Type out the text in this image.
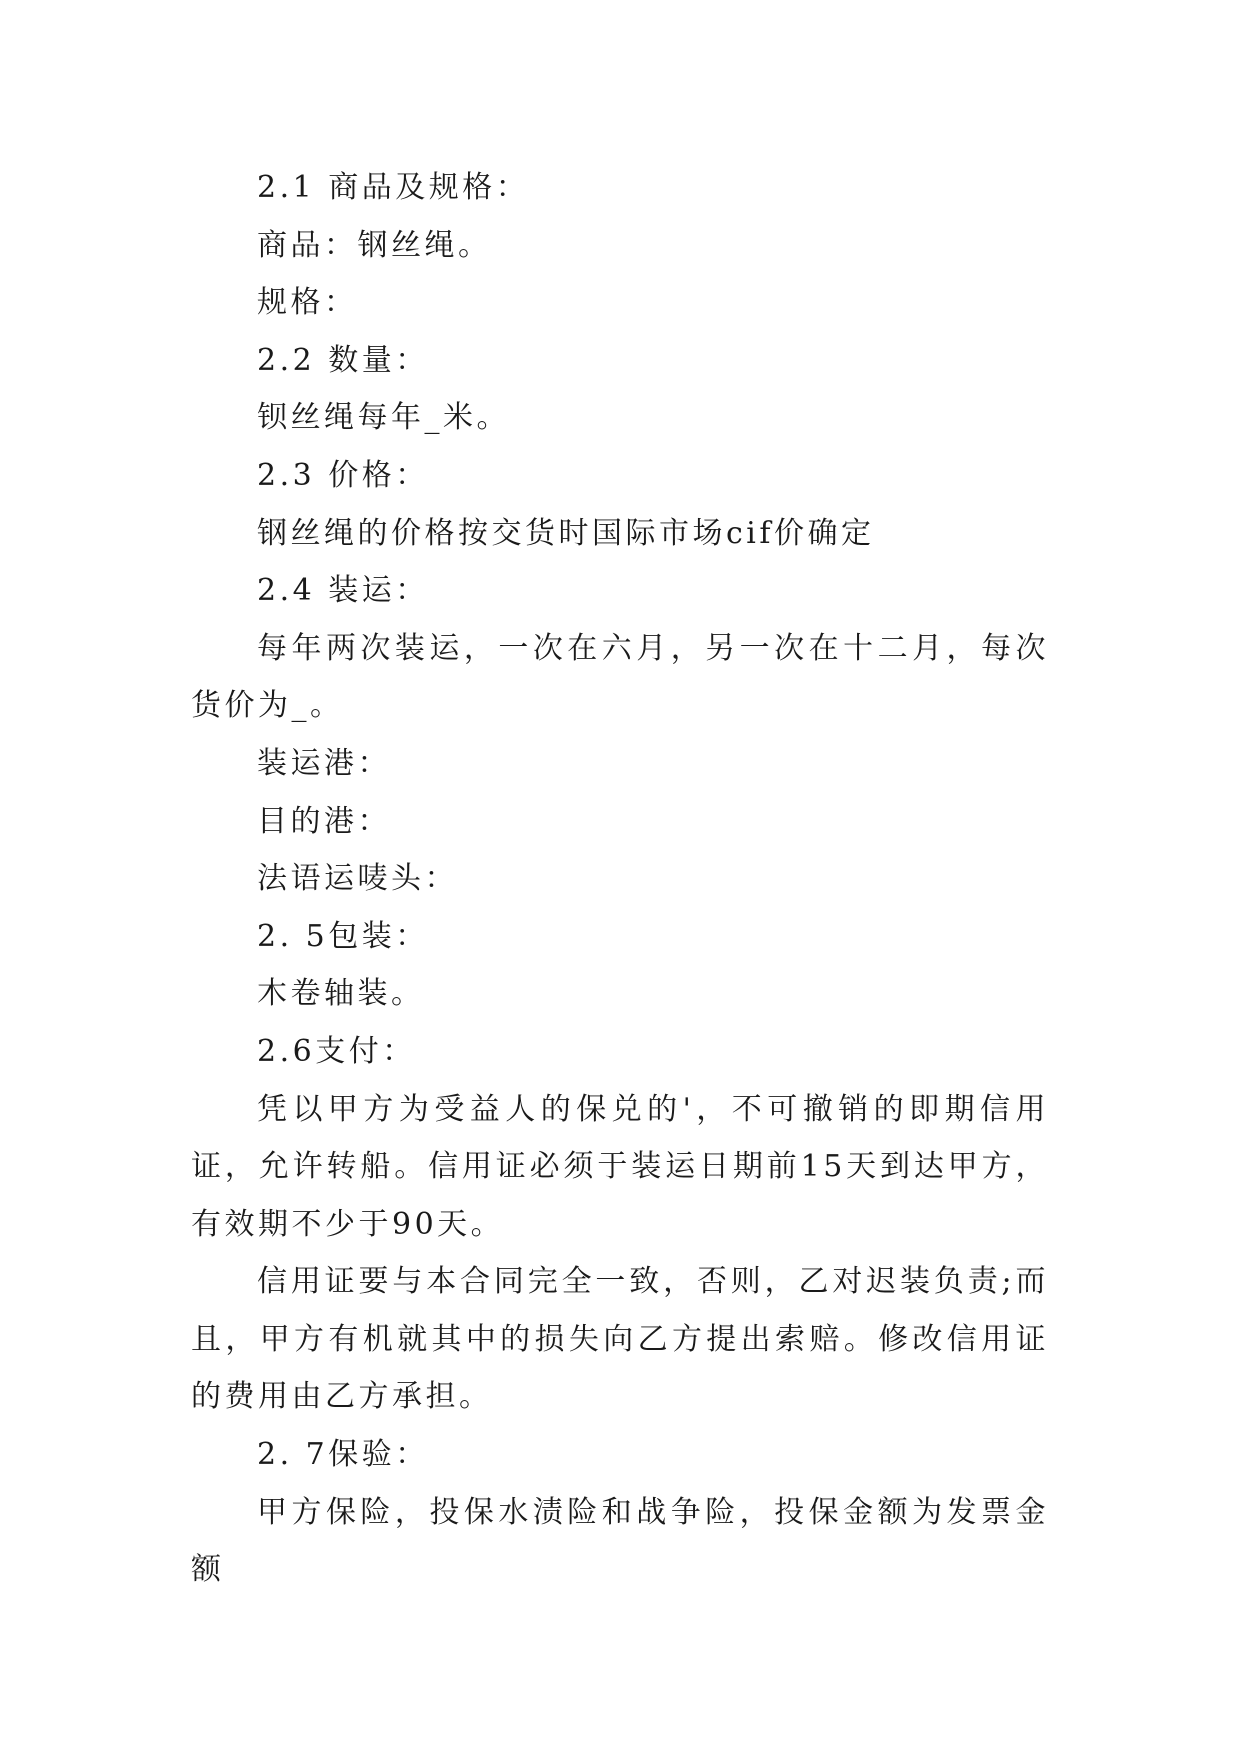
2.1 商品及规格：

商品：钢丝绳。

规格：

2.2 数量：

钡丝绳每年_米。

2.3 价格：

钢丝绳的价格按交货时国际市场cif价确定

2.4 装运：

每年两次装运，一次在六月，另一次在十二月，每次货价为_。

装运港：

目的港：

法语运唛头：

2. 5包装：

木卷轴装。

2.6支付：

凭以甲方为受益人的保兑的'，不可撤销的即期信用证，允许转船。信用证必须于装运日期前15天到达甲方，有效期不少于90天。

信用证要与本合同完全一致，否则，乙对迟装负责;而且，甲方有机就其中的损失向乙方提出索赔。修改信用证的费用由乙方承担。

2. 7保验：

甲方保险，投保水渍险和战争险，投保金额为发票金额
